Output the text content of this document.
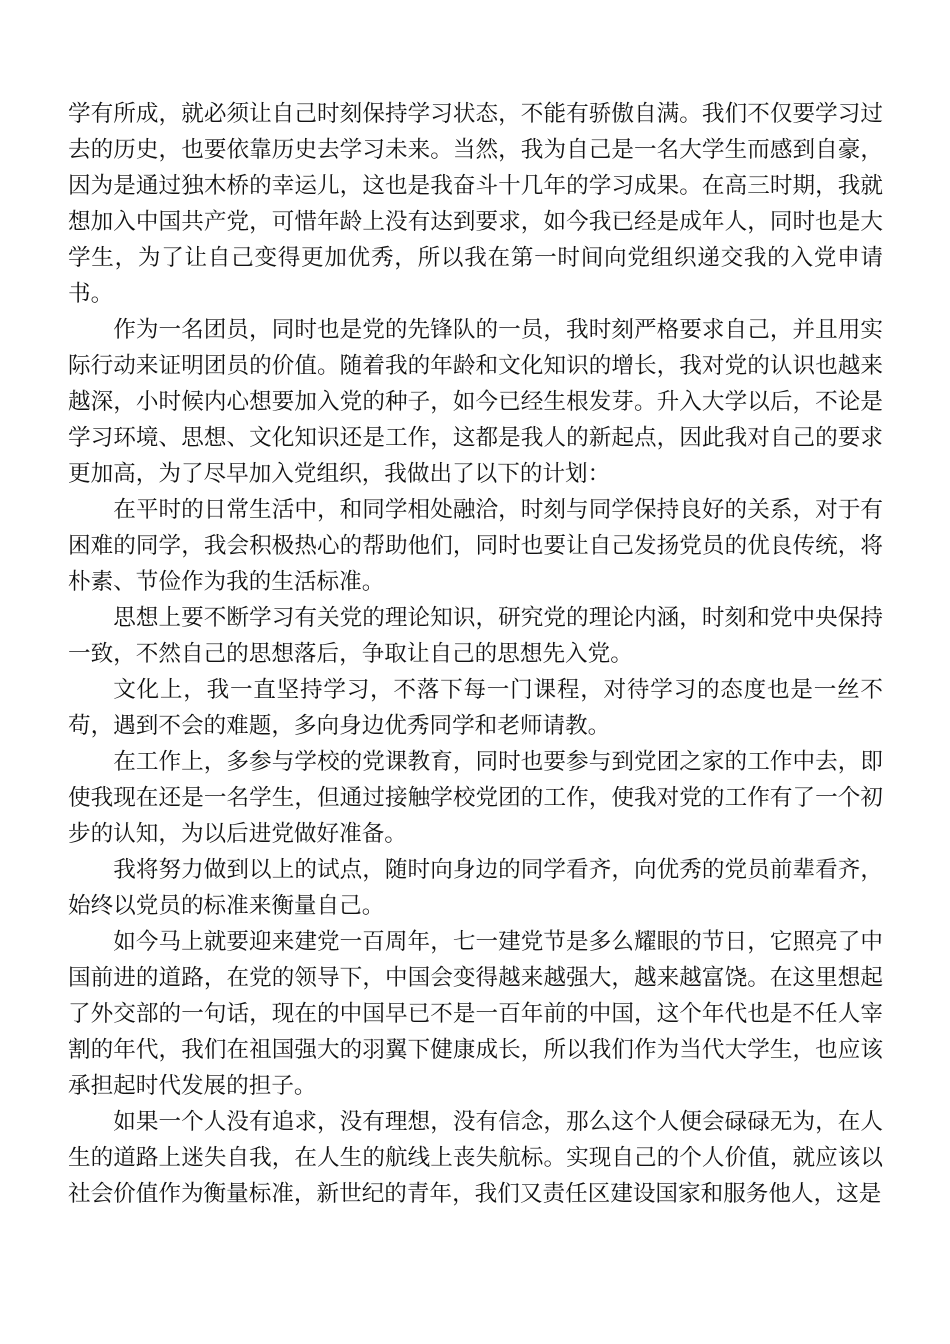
学有所成，就必须让自己时刻保持学习状态，不能有骄傲自满。我们不仅要学习过去的历史，也要依靠历史去学习未来。当然，我为自己是一名大学生而感到自豪，因为是通过独木桥的幸运儿，这也是我奋斗十几年的学习成果。在高三时期，我就想加入中国共产党，可惜年龄上没有达到要求，如今我已经是成年人，同时也是大学生，为了让自己变得更加优秀，所以我在第一时间向党组织递交我的入党申请书。

作为一名团员，同时也是党的先锋队的一员，我时刻严格要求自己，并且用实际行动来证明团员的价值。随着我的年龄和文化知识的增长，我对党的认识也越来越深，小时候内心想要加入党的种子，如今已经生根发芽。升入大学以后，不论是学习环境、思想、文化知识还是工作，这都是我人的新起点，因此我对自己的要求更加高，为了尽早加入党组织，我做出了以下的计划：

在平时的日常生活中，和同学相处融洽，时刻与同学保持良好的关系，对于有困难的同学，我会积极热心的帮助他们，同时也要让自己发扬党员的优良传统，将朴素、节俭作为我的生活标准。

思想上要不断学习有关党的理论知识，研究党的理论内涵，时刻和党中央保持一致，不然自己的思想落后，争取让自己的思想先入党。

文化上，我一直坚持学习，不落下每一门课程，对待学习的态度也是一丝不苟，遇到不会的难题，多向身边优秀同学和老师请教。

在工作上，多参与学校的党课教育，同时也要参与到党团之家的工作中去，即使我现在还是一名学生，但通过接触学校党团的工作，使我对党的工作有了一个初步的认知，为以后进党做好准备。

我将努力做到以上的试点，随时向身边的同学看齐，向优秀的党员前辈看齐，始终以党员的标准来衡量自己。

如今马上就要迎来建党一百周年，七一建党节是多么耀眼的节日，它照亮了中国前进的道路，在党的领导下，中国会变得越来越强大，越来越富饶。在这里想起了外交部的一句话，现在的中国早已不是一百年前的中国，这个年代也是不任人宰割的年代，我们在祖国强大的羽翼下健康成长，所以我们作为当代大学生，也应该承担起时代发展的担子。

如果一个人没有追求，没有理想，没有信念，那么这个人便会碌碌无为，在人生的道路上迷失自我，在人生的航线上丧失航标。实现自己的个人价值，就应该以社会价值作为衡量标准，新世纪的青年，我们又责任区建设国家和服务他人，这是
